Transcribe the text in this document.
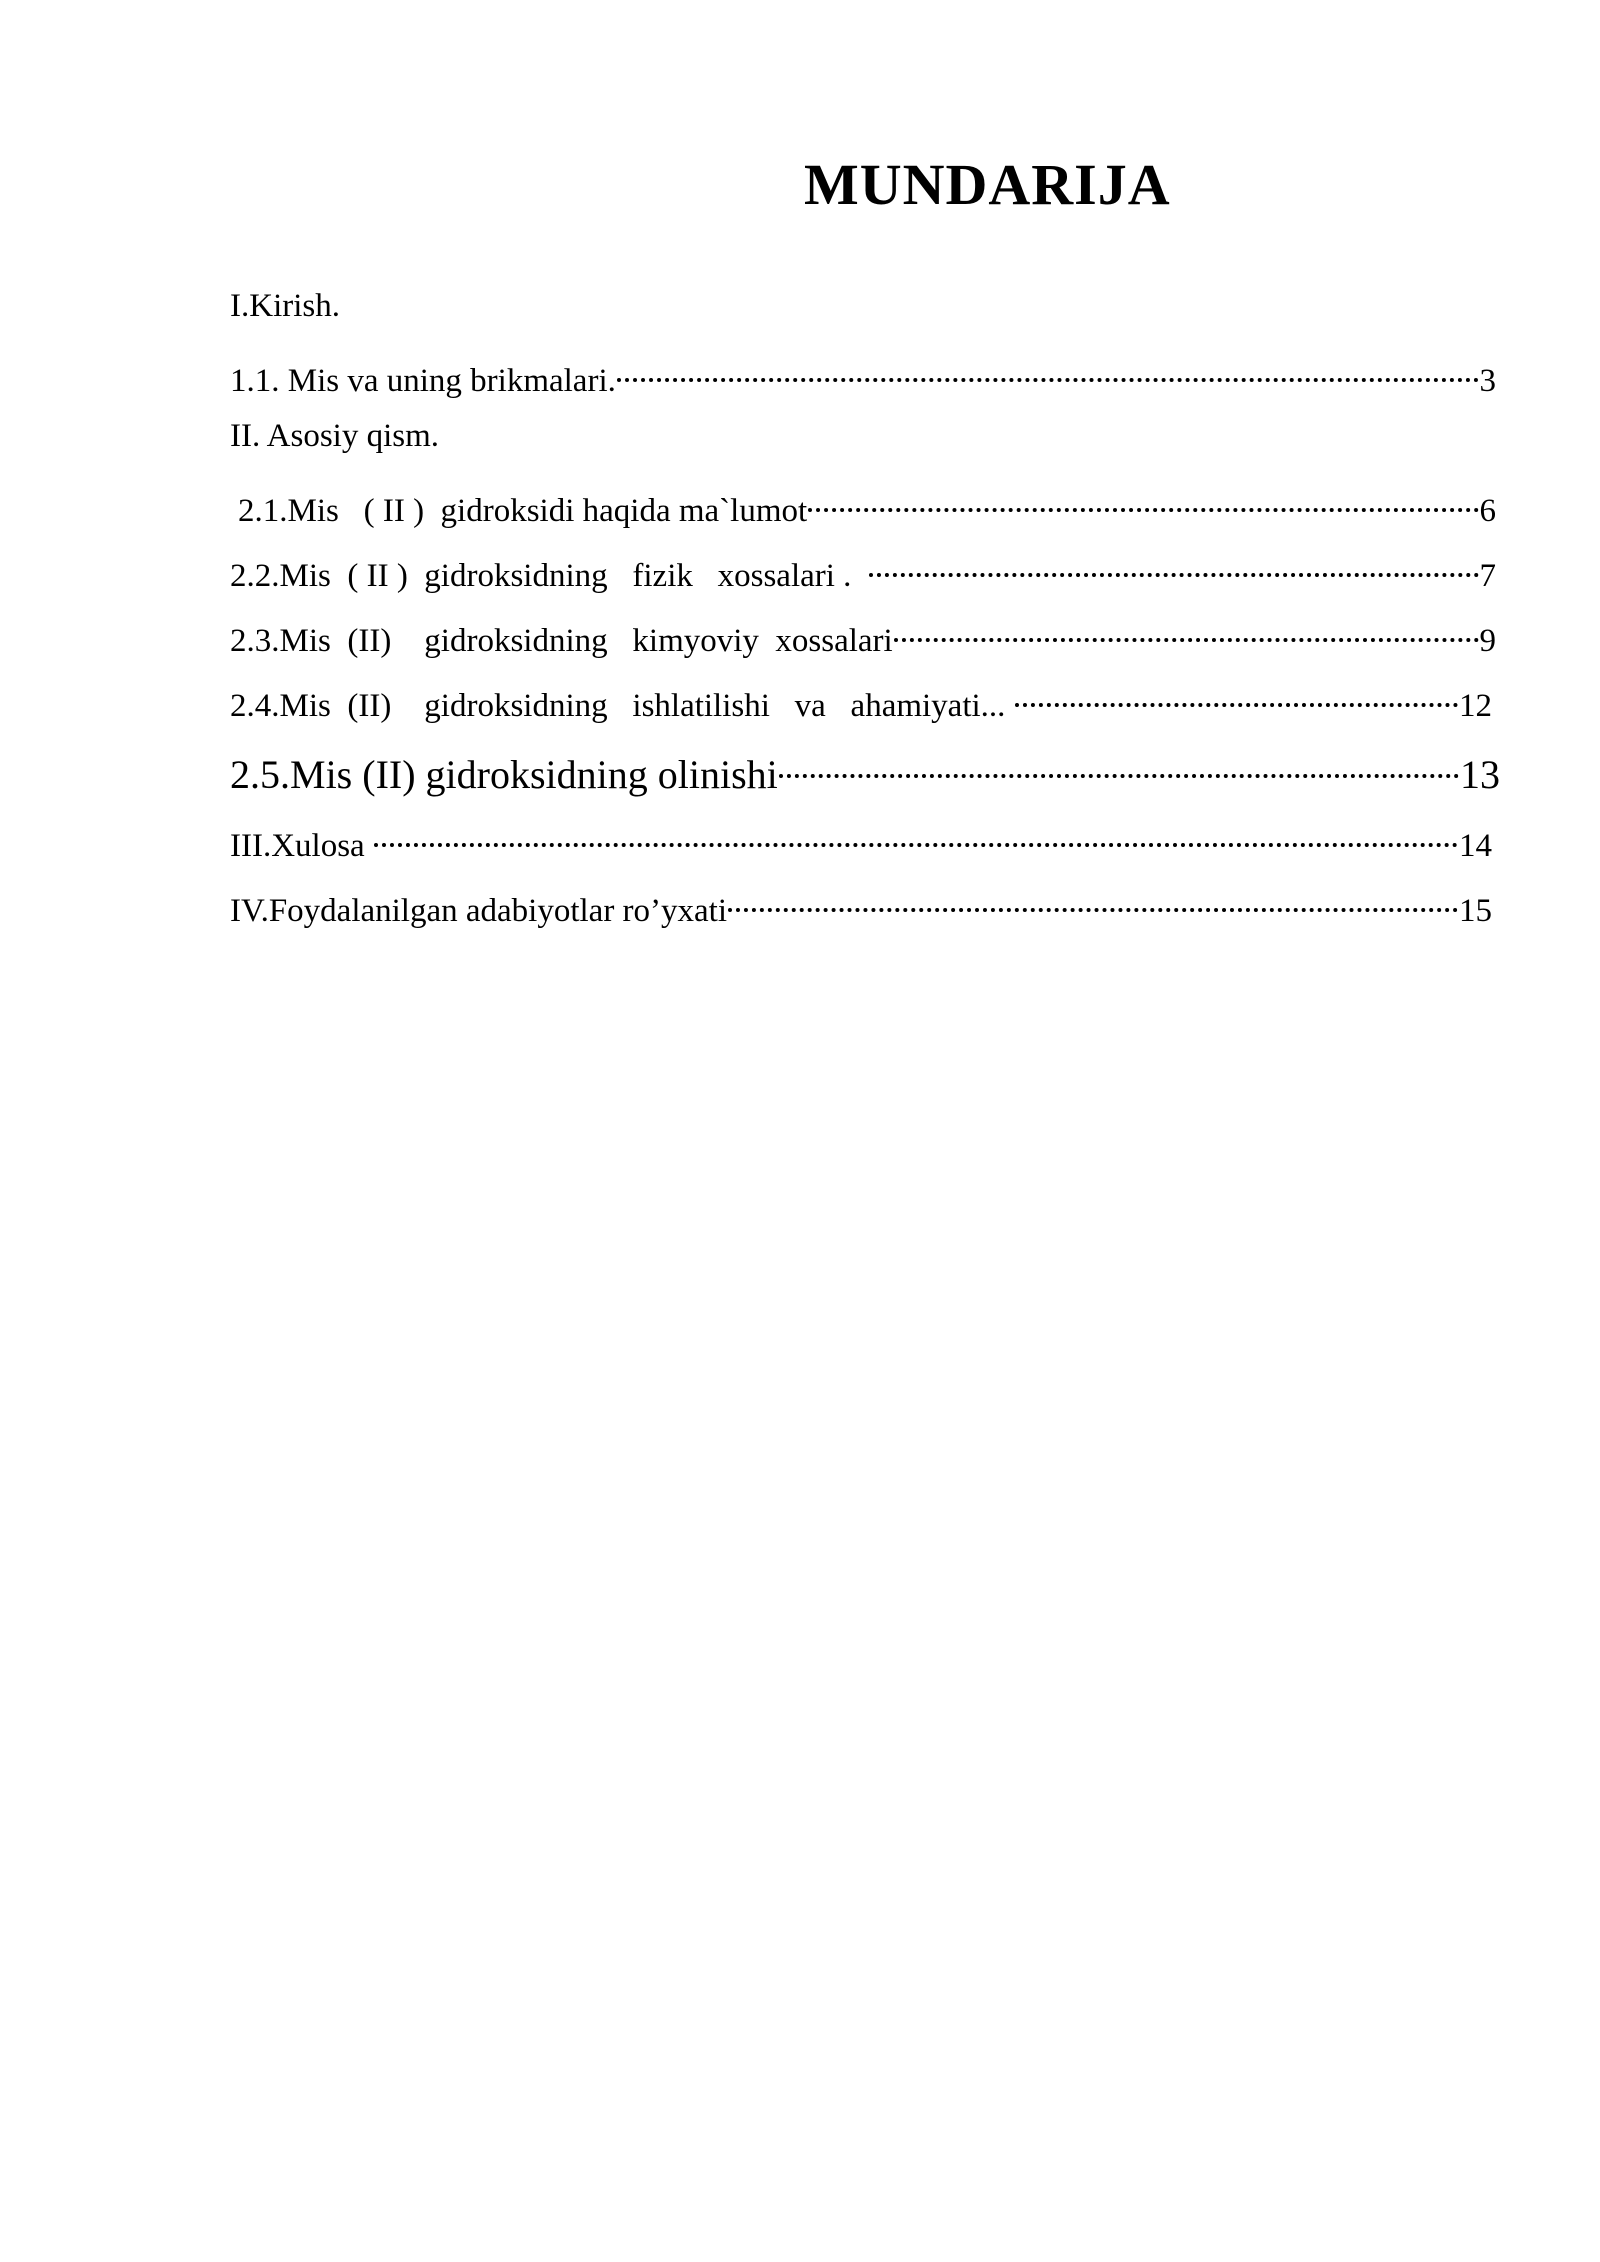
MUNDARIJA
I.Kirish.
1.1. Mis va uning brikmalari.	3
II. Asosiy qism.
2.1.Mis   ( II )  gidroksidi haqida ma`lumot	6
2.2.Mis  ( II )  gidroksidning   fizik   xossalari .	7
2.3.Mis  (II)    gidroksidning   kimyoviy  xossalari	9
2.4.Mis  (II)    gidroksidning   ishlatilishi   va   ahamiyati...	12
2.5.Mis (II) gidroksidning olinishi	13
III.Xulosa	14
IV.Foydalanilgan adabiyotlar ro’yxati	15
